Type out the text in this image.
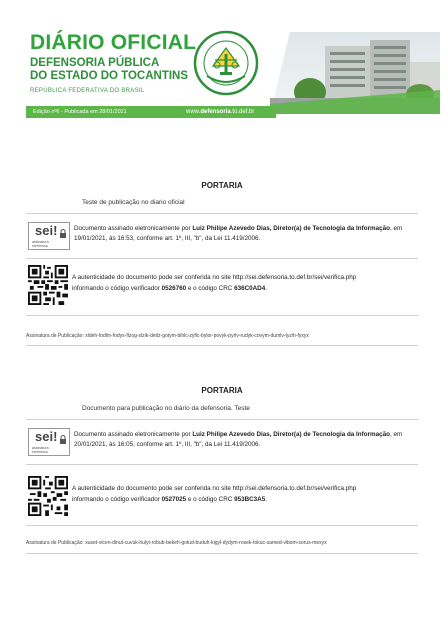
DIÁRIO OFICIAL
DEFENSORIA PÚBLICA
DO ESTADO DO TOCANTINS
REPÚBLICA FEDERATIVA DO BRASIL
Edição nº6 - Publicada em 28/01/2021	www.defensoria.to.def.br
PORTARIA
Teste de publicação no diario oficial
sei!
assinatura
eletrônica
Documento assinado eletronicamente por Luiz Philipe Azevedo Dias, Diretor(a) de Tecnologia da Informação, em 19/01/2021, às 16:53, conforme art. 1º, III, "b", da Lei 11.419/2006.
A autenticidade do documento pode ser conferida no site http://sei.defensoria.to.def.br/sei/verifica.php
informando o código verificador 0526760 e o código CRC 636C0AD4.
Assinatura de Publicação: xldeh-fodlm-fodys-flzog-slzik-detlz-gotym-bihlc-zyflc-bylor-povyk-pyrlv-rudyk-covym-dumlv-tyzih-fyxyx
PORTARIA
Documento para publicação no diário da defensoria. Teste
sei!
assinatura
eletrônica
Documento assinado eletronicamente por Luiz Philipe Azevedo Dias, Diretor(a) de Tecnologia da Informação, em 20/01/2021, às 16:05, conforme art. 1º, III, "b", da Lei 11.419/2006.
A autenticidade do documento pode ser conferida no site http://sei.defensoria.to.def.br/sei/verifica.php
informando o código verificador 0527025 e o código CRC 953BC3A5.
Assinatura de Publicação: xuset-vicen-dinut-cuvuk-hulyt-robub-bekeh-gotud-buduh-kigyl-dydym-rosek-tokuc-samed-vibom-sorus-mexyx
